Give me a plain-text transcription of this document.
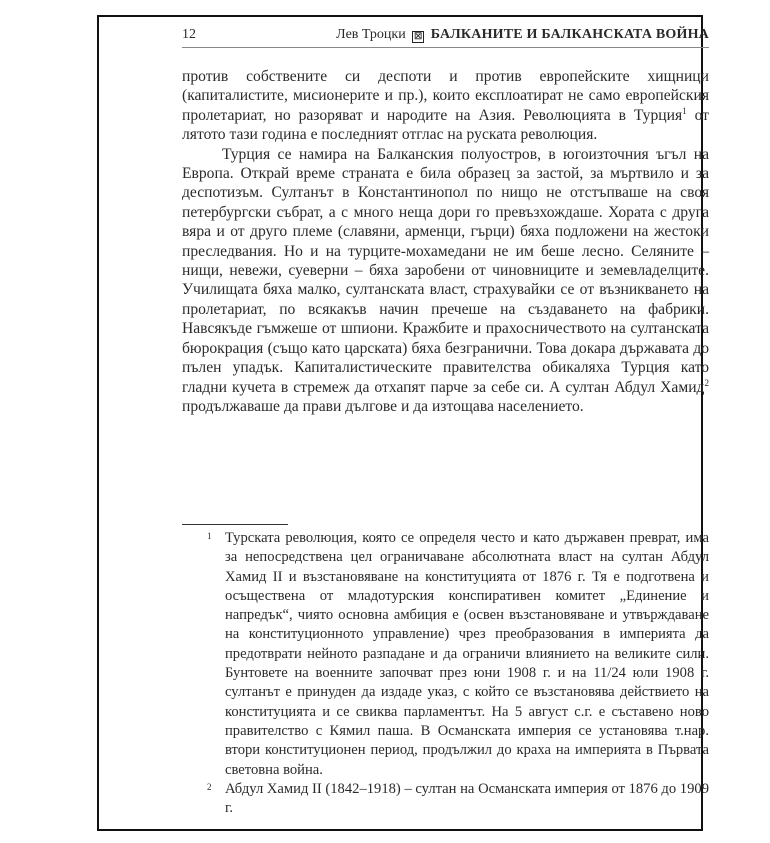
12	Лев Троцки ☒ БАЛКАНИТЕ И БАЛКАНСКАТА ВОЙНА

против собствените си деспоти и против европейските хищници (капиталистите, мисионерите и пр.), които експлоатират не само европейския пролетариат, но разоряват и народите на Азия. Революцията в Турция$^1$ от лятото тази година е последният отглас на руската революция.

Турция се намира на Балканския полуостров, в югоизточния ъгъл на Европа. Открай време страната е била образец за застой, за мъртвило и за деспотизъм. Султанът в Константинопол по нищо не отстъпваше на своя петербургски събрат, а с много неща дори го превъзхождаше. Хората с друга вяра и от друго племе (славяни, арменци, гърци) бяха подложени на жестоки преследвания. Но и на турците-мохамедани не им беше лесно. Селяните – нищи, невежи, суеверни – бяха заробени от чиновниците и земевладелците. Училищата бяха малко, султанската власт, страхувайки се от възникването на пролетариат, по всякакъв начин пречеше на създаването на фабрики. Навсякъде гъмжеше от шпиони. Кражбите и прахосничеството на султанската бюрокрация (също като царската) бяха безгранични. Това докара държавата до пълен упадък. Капиталистическите правителства обикаляха Турция като гладни кучета в стремеж да отхапят парче за себе си. А султан Абдул Хамид$^2$ продължаваше да прави дългове и да изтощава населението.

1 Турската революция, която се определя често и като държавен преврат, има за непосредствена цел ограничаване абсолютната власт на султан Абдул Хамид II и възстановяване на конституцията от 1876 г. Тя е подготвена и осъществена от младотурския конспиративен комитет „Единение и напредък“, чиято основна амбиция е (освен възстановяване и утвърждаване на конституционното управление) чрез преобразования в империята да предотврати нейното разпадане и да ограничи влиянието на великите сили. Бунтовете на военните започват през юни 1908 г. и на 11/24 юли 1908 г. султанът е принуден да издаде указ, с който се възстановява действието на конституцията и се свиква парламентът. На 5 август с.г. е съставено ново правителство с Кямил паша. В Османската империя се установява т.нар. втори конституционен период, продължил до краха на империята в Първата световна война.
2 Абдул Хамид II (1842–1918) – султан на Османската империя от 1876 до 1909 г.
